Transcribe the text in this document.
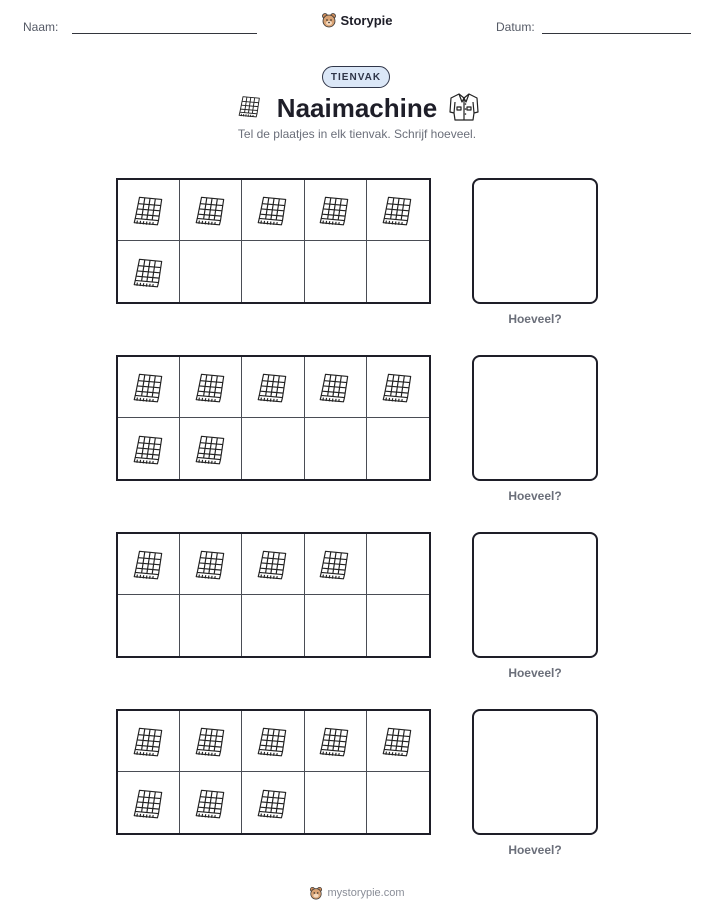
Naam:	Storypie	Datum:
TIENVAK
Naaimachine
Tel de plaatjes in elk tienvak. Schrijf hoeveel.
Hoeveel?
Hoeveel?
Hoeveel?
Hoeveel?
mystorypie.com
